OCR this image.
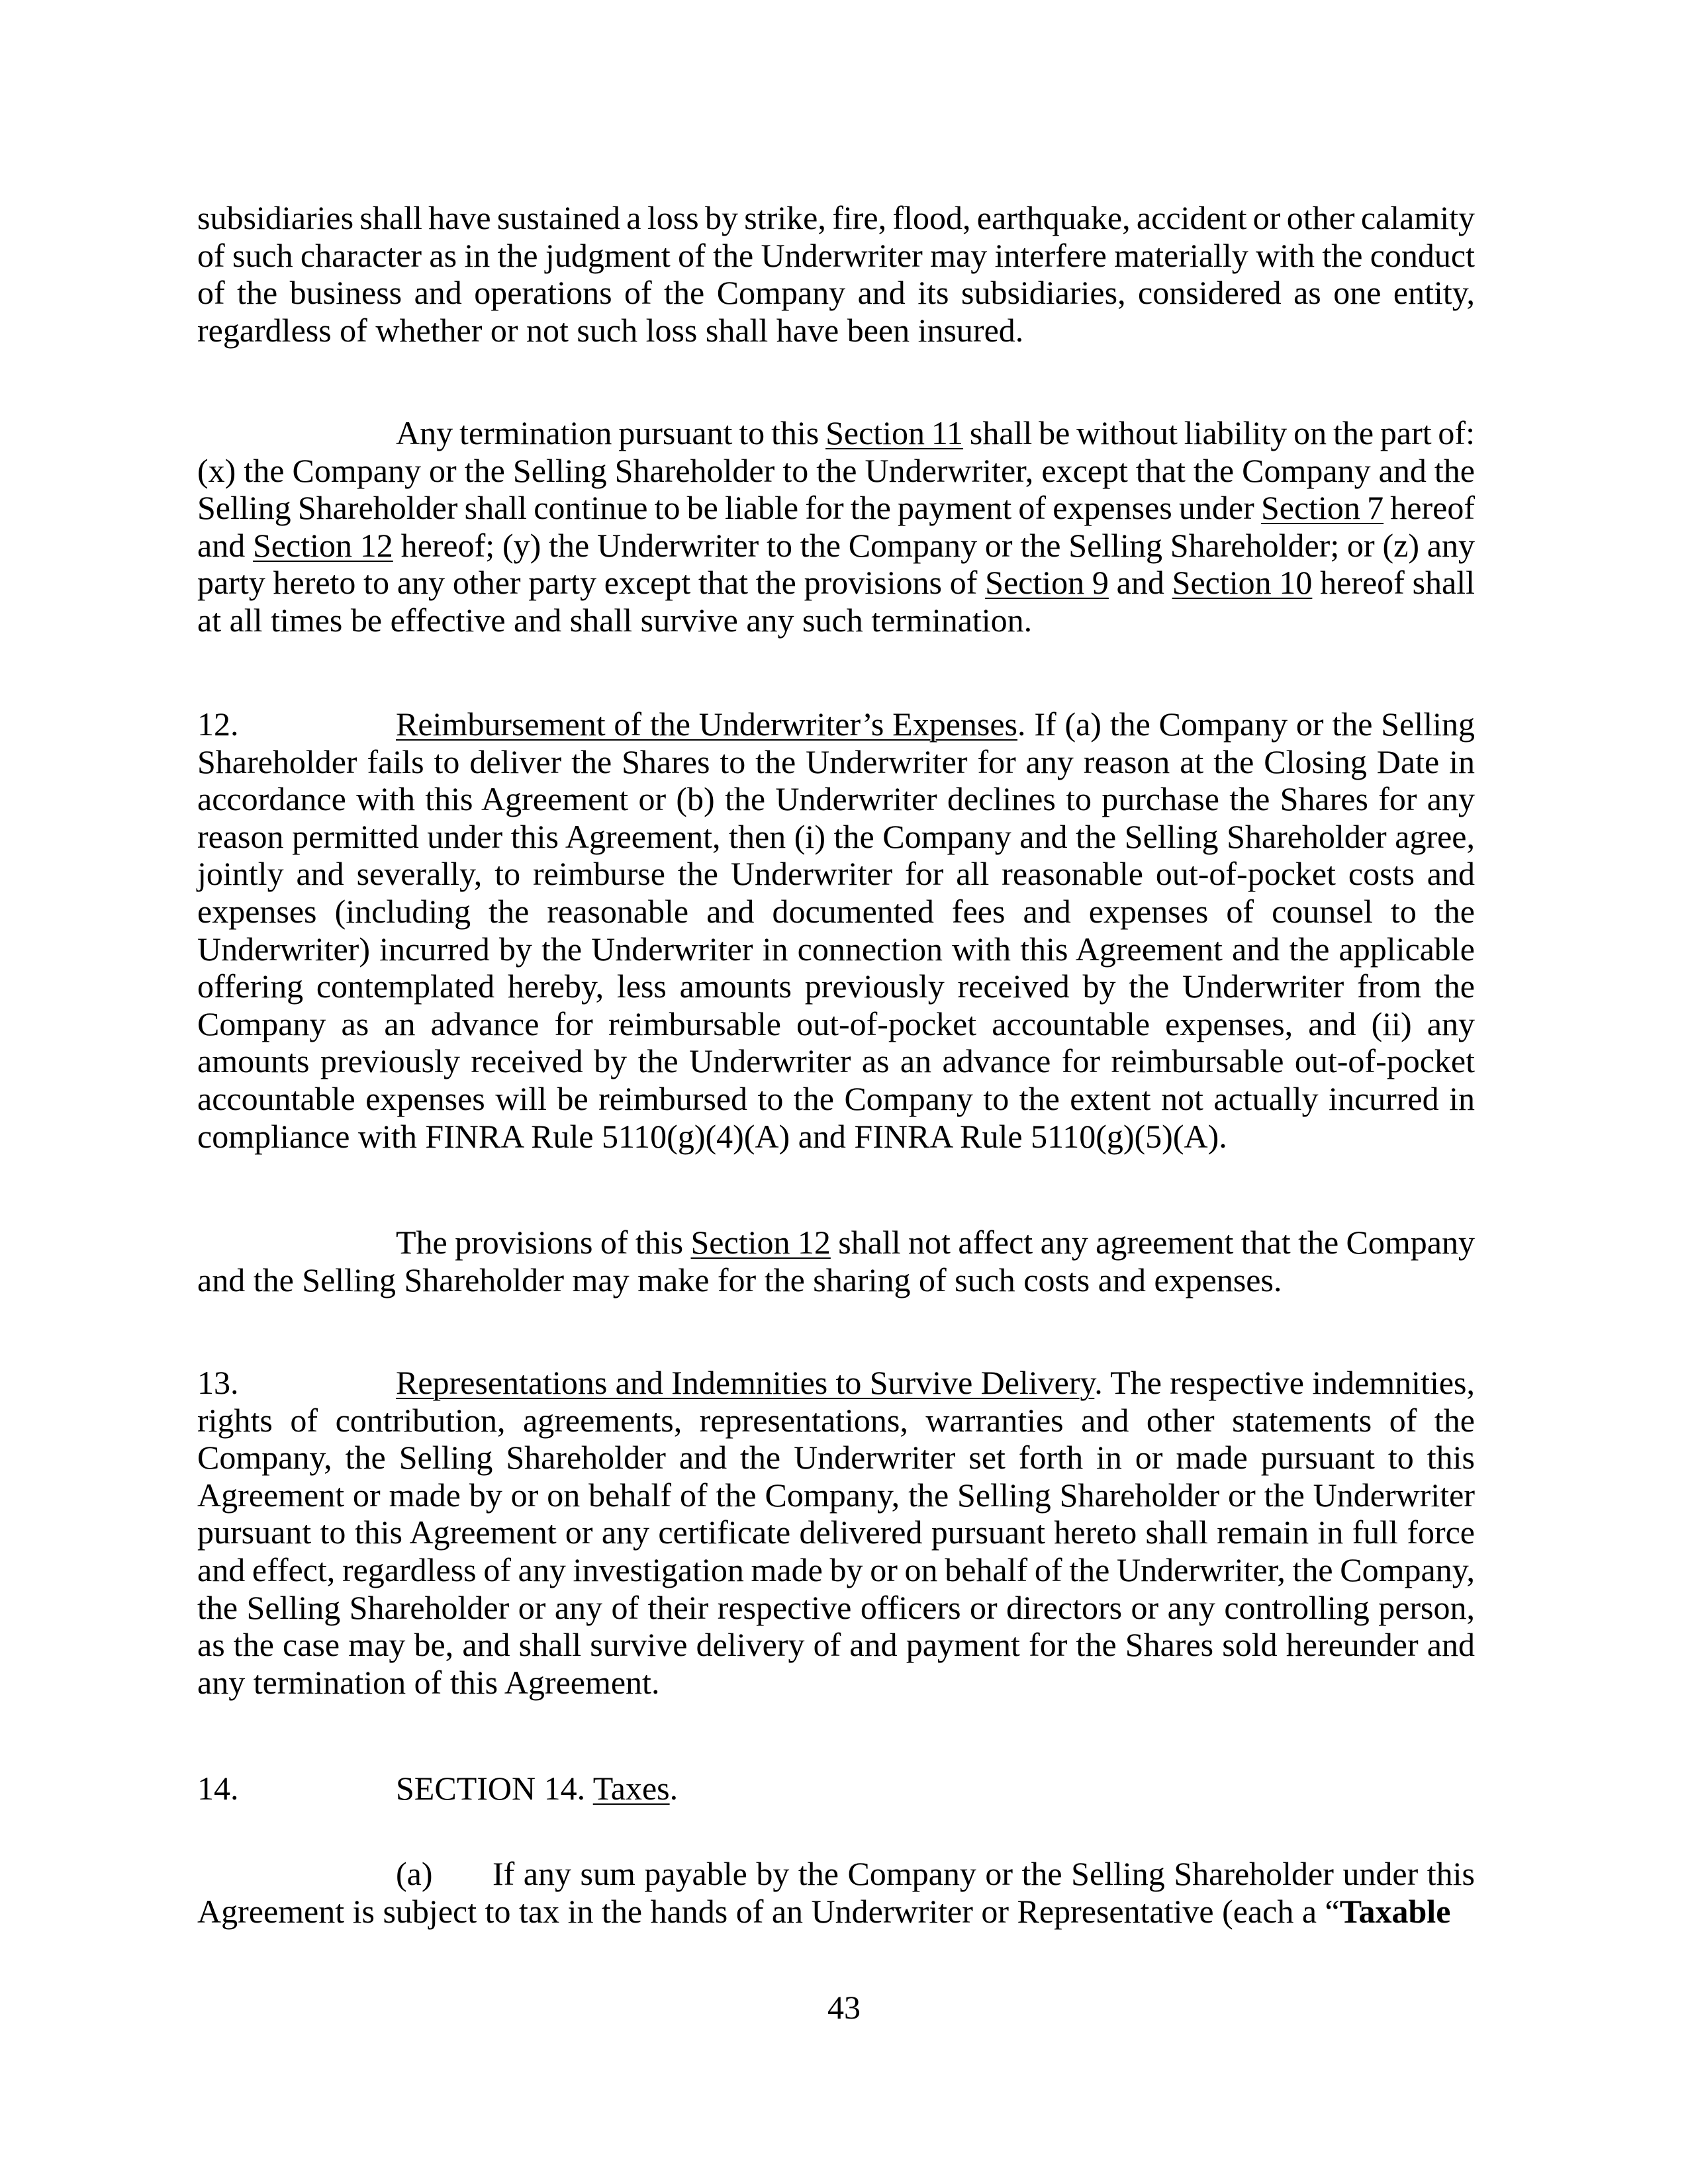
subsidiaries shall have sustained a loss by strike, fire, flood, earthquake, accident or other calamity
of such character as in the judgment of the Underwriter may interfere materially with the conduct
of the business and operations of the Company and its subsidiaries, considered as one entity,
regardless of whether or not such loss shall have been insured.
Any termination pursuant to this Section 11 shall be without liability on the part of:
(x) the Company or the Selling Shareholder to the Underwriter, except that the Company and the
Selling Shareholder shall continue to be liable for the payment of expenses under Section 7 hereof
and Section 12 hereof; (y) the Underwriter to the Company or the Selling Shareholder; or (z) any
party hereto to any other party except that the provisions of Section 9 and Section 10 hereof shall
at all times be effective and shall survive any such termination.
12.	Reimbursement of the Underwriter’s Expenses. If (a) the Company or the Selling
Shareholder fails to deliver the Shares to the Underwriter for any reason at the Closing Date in
accordance with this Agreement or (b) the Underwriter declines to purchase the Shares for any
reason permitted under this Agreement, then (i) the Company and the Selling Shareholder agree,
jointly and severally, to reimburse the Underwriter for all reasonable out-of-pocket costs and
expenses (including the reasonable and documented fees and expenses of counsel to the
Underwriter) incurred by the Underwriter in connection with this Agreement and the applicable
offering contemplated hereby, less amounts previously received by the Underwriter from the
Company as an advance for reimbursable out-of-pocket accountable expenses, and (ii) any
amounts previously received by the Underwriter as an advance for reimbursable out-of-pocket
accountable expenses will be reimbursed to the Company to the extent not actually incurred in
compliance with FINRA Rule 5110(g)(4)(A) and FINRA Rule 5110(g)(5)(A).
The provisions of this Section 12 shall not affect any agreement that the Company
and the Selling Shareholder may make for the sharing of such costs and expenses.
13.	Representations and Indemnities to Survive Delivery. The respective indemnities,
rights of contribution, agreements, representations, warranties and other statements of the
Company, the Selling Shareholder and the Underwriter set forth in or made pursuant to this
Agreement or made by or on behalf of the Company, the Selling Shareholder or the Underwriter
pursuant to this Agreement or any certificate delivered pursuant hereto shall remain in full force
and effect, regardless of any investigation made by or on behalf of the Underwriter, the Company,
the Selling Shareholder or any of their respective officers or directors or any controlling person,
as the case may be, and shall survive delivery of and payment for the Shares sold hereunder and
any termination of this Agreement.
14.	SECTION 14. Taxes.
(a) If any sum payable by the Company or the Selling Shareholder under this
Agreement is subject to tax in the hands of an Underwriter or Representative (each a “Taxable
43
